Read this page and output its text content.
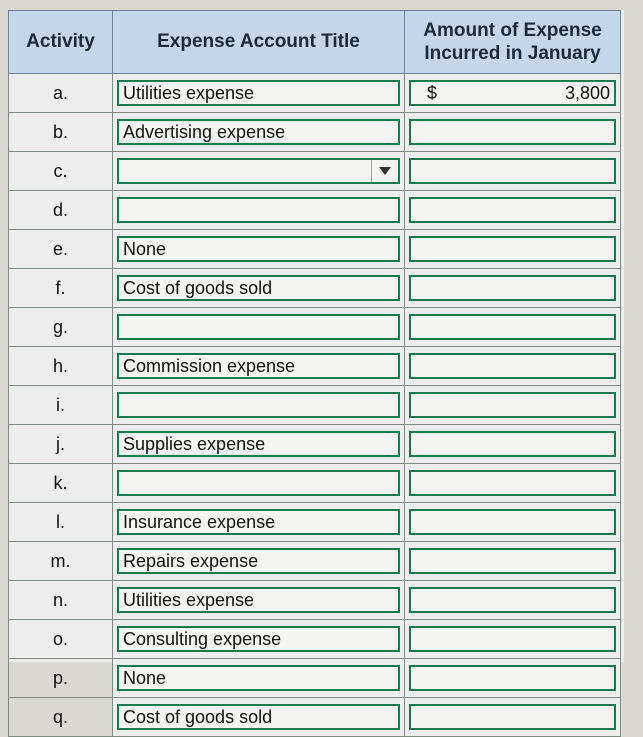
Activity	Expense Account Title	Amount of Expense
Incurred in January

a.	Utilities expense	$ 3,800

b.	Advertising expense	

c.	

d.	

e.	None	

f.	Cost of goods sold	

g.	

h.	Commission expense	

i.	

j.	Supplies expense	

k.	

l.	Insurance expense	

m.	Repairs expense	

n.	Utilities expense	

o.	Consulting expense	

p.	None	

q.	Cost of goods sold	
